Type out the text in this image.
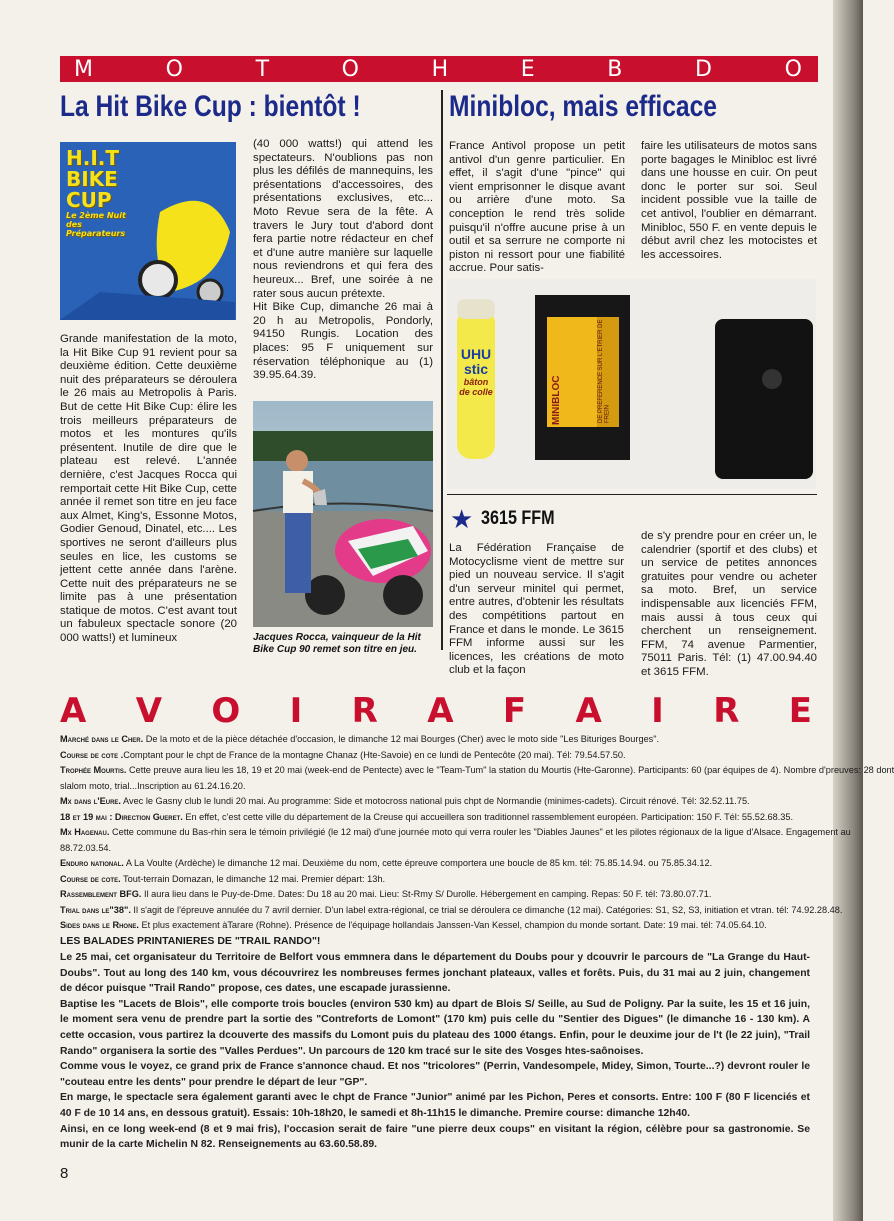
M	O	T	O	H	E	B	D	O
La Hit Bike Cup : bientôt !
H.I.T
BIKE
CUP
Le 2ème Nuit des Préparateurs
Grande manifestation de la moto, la Hit Bike Cup 91 revient pour sa deuxième édition. Cette deuxième nuit des préparateurs se déroulera le 26 mais au Metropolis à Paris. But de cette Hit Bike Cup: élire les trois meilleurs préparateurs de motos et les montures qu'ils présentent. Inutile de dire que le plateau est relevé. L'année dernière, c'est Jacques Rocca qui remportait cette Hit Bike Cup, cette année il remet son titre en jeu face aux Almet, King's, Essonne Motos, Godier Genoud, Dinatel, etc.... Les sportives ne seront d'ailleurs plus seules en lice, les customs se jettent cette année dans l'arène. Cette nuit des préparateurs ne se limite pas à une présentation statique de motos. C'est avant tout un fabuleux spectacle sonore (20 000 watts!) et lumineux
(40 000 watts!) qui attend les spectateurs. N'oublions pas non plus les défilés de mannequins, les présentations d'accessoires, des présentations exclusives, etc... Moto Revue sera de la fête. A travers le Jury tout d'abord dont fera partie notre rédacteur en chef et d'une autre manière sur laquelle nous reviendrons et qui fera des heureux... Bref, une soirée à ne rater sous aucun prétexte.
Hit Bike Cup, dimanche 26 mai à 20 h au Metropolis, Pondorly, 94150 Rungis. Location des places: 95 F uniquement sur réservation téléphonique au (1) 39.95.64.39.
Jacques Rocca, vainqueur de la Hit Bike Cup 90 remet son titre en jeu.
Minibloc, mais efficace
France Antivol propose un petit antivol d'un genre particulier. En effet, il s'agit d'une "pince" qui vient emprisonner le disque avant ou arrière d'une moto. Sa conception le rend très solide puisqu'il n'offre aucune prise à un outil et sa serrure ne comporte ni piston ni ressort pour une fiabilité accrue. Pour satis-
faire les utilisateurs de motos sans porte bagages le Minibloc est livré dans une housse en cuir. On peut donc le porter sur soi. Seul incident possible vue la taille de cet antivol, l'oublier en démarrant. Minibloc, 550 F. en vente depuis le début avril chez les motocistes et les accessoires.
UHU
stic
bâton de colle	MINIBLOC	DE PRÉFÉRENCE SUR L'ETRIER DE FREIN
★ 3615 FFM
La Fédération Française de Motocyclisme vient de mettre sur pied un nouveau service. Il s'agit d'un serveur minitel qui permet, entre autres, d'obtenir les résultats des compétitions partout en France et dans le monde. Le 3615 FFM informe aussi sur les licences, les créations de moto club et la façon
de s'y prendre pour en créer un, le calendrier (sportif et des clubs) et un service de petites annonces gratuites pour vendre ou acheter sa moto. Bref, un service indispensable aux licenciés FFM, mais aussi à tous ceux qui cherchent un renseignement. FFM, 74 avenue Parmentier, 75011 Paris. Tél: (1) 47.00.94.40 et 3615 FFM.
A V O I R A F A I R E
Marché dans le Cher. De la moto et de la pièce détachée d'occasion, le dimanche 12 mai Bourges (Cher) avec le moto side "Les Bituriges Bourges".
Course de cote .Comptant pour le chpt de France de la montagne Chanaz (Hte-Savoie) en ce lundi de Pentecôte (20 mai). Tél: 79.54.57.50.
Trophée Mourtis. Cette preuve aura lieu les 18, 19 et 20 mai (week-end de Pentecte) avec le "Team-Tum" la station du Mourtis (Hte-Garonne). Participants: 60 (par équipes de 4). Nombre d'preuves: 28 dont
slalom moto, trial...Inscription au 61.24.16.20.
Mx dans l'Eure. Avec le Gasny club le lundi 20 mai. Au programme: Side et motocross national puis chpt de Normandie (minimes-cadets). Circuit rénové. Tél: 32.52.11.75.
18 et 19 mai : Direction Gueret. En effet, c'est cette ville du département de la Creuse qui accueillera son traditionnel rassemblement européen. Participation: 150 F. Tél: 55.52.68.35.
Mx Hagenau. Cette commune du Bas-rhin sera le témoin privilégié (le 12 mai) d'une journée moto qui verra rouler les "Diables Jaunes" et les pilotes régionaux de la ligue d'Alsace. Engagement au
88.72.03.54.
Enduro national. A La Voulte (Ardèche) le dimanche 12 mai. Deuxième du nom, cette épreuve comportera une boucle de 85 km. tél: 75.85.14.94. ou 75.85.34.12.
Course de cote. Tout-terrain Domazan, le dimanche 12 mai. Premier départ: 13h.
Rassemblement BFG. Il aura lieu dans le Puy-de-Dme. Dates: Du 18 au 20 mai. Lieu: St-Rmy S/ Durolle. Hébergement en camping. Repas: 50 F. tél: 73.80.07.71.
Trial dans le"38". Il s'agit de l'épreuve annulée du 7 avril dernier. D'un label extra-régional, ce trial se déroulera ce dimanche (12 mai). Catégories: S1, S2, S3, initiation et vtran. tél: 74.92.28.48.
Sides dans le Rhone. Et plus exactement àTarare (Rohne). Présence de l'équipage hollandais Janssen-Van Kessel, champion du monde sortant. Date: 19 mai. tél: 74.05.64.10.
LES BALADES PRINTANIERES DE "TRAIL RANDO"!

Le 25 mai, cet organisateur du Territoire de Belfort vous emmnera dans le département du Doubs pour y dcouvrir le parcours de "La Grange du Haut-Doubs". Tout au long des 140 km, vous découvrirez les nombreuses fermes jonchant plateaux, valles et forêts. Puis, du 31 mai au 2 juin, changement de décor puisque "Trail Rando" propose, ces dates, une escapade jurassienne.

Baptise les "Lacets de Blois", elle comporte trois boucles (environ 530 km) au dpart de Blois S/ Seille, au Sud de Poligny. Par la suite, les 15 et 16 juin, le moment sera venu de prendre part la sortie des "Contreforts de Lomont" (170 km) puis celle du "Sentier des Digues" (le dimanche 16 - 130 km). A cette occasion, vous partirez la dcouverte des massifs du Lomont puis du plateau des 1000 étangs. Enfin, pour le deuxime jour de l't (le 22 juin), "Trail Rando" organisera la sortie des "Valles Perdues". Un parcours de 120 km tracé sur le site des Vosges htes-saônoises.

Comme vous le voyez, ce grand prix de France s'annonce chaud. Et nos "tricolores" (Perrin, Vandesompele, Midey, Simon, Tourte...?) devront rouler le "couteau entre les dents" pour prendre le départ de leur "GP".

En marge, le spectacle sera également garanti avec le chpt de France "Junior" animé par les Pichon, Peres et consorts. Entre: 100 F (80 F licenciés et 40 F de 10 14 ans, en dessous gratuit). Essais: 10h-18h20, le samedi et 8h-11h15 le dimanche. Premire course: dimanche 12h40.

Ainsi, en ce long week-end (8 et 9 mai fris), l'occasion serait de faire "une pierre deux coups" en visitant la région, célèbre pour sa gastronomie. Se munir de la carte Michelin N 82. Renseignements au 63.60.58.89.

8
